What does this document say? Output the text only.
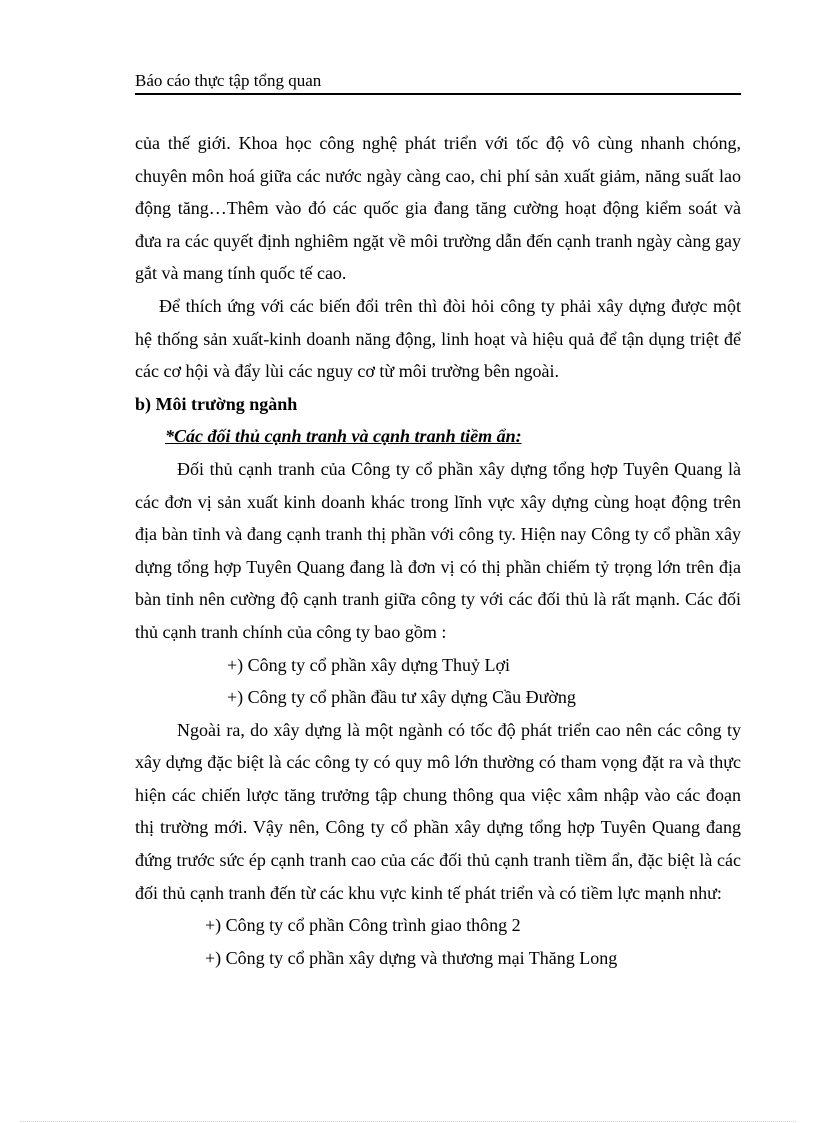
Báo cáo thực tập tổng quan

của thế giới. Khoa học công nghệ phát triển với tốc độ vô cùng nhanh chóng, chuyên môn hoá giữa các nước ngày càng cao, chi phí sản xuất giảm, năng suất lao động tăng…Thêm vào đó các quốc gia đang tăng cường hoạt động kiểm soát và đưa ra các quyết định nghiêm ngặt về môi trường dẫn đến cạnh tranh ngày càng gay gắt và mang tính quốc tế cao.

Để thích ứng với các biến đổi trên thì đòi hỏi công ty phải xây dựng được một hệ thống sản xuất-kinh doanh năng động, linh hoạt và hiệu quả để tận dụng triệt để các cơ hội và đẩy lùi các nguy cơ từ môi trường bên ngoài.

b) Môi trường ngành

*Các đối thủ cạnh tranh và cạnh tranh tiềm ẩn:

Đối thủ cạnh tranh của Công ty cổ phần xây dựng tổng hợp Tuyên Quang là các đơn vị sản xuất kinh doanh khác trong lĩnh vực xây dựng cùng hoạt động trên địa bàn tỉnh và đang cạnh tranh thị phần với công ty. Hiện nay Công ty cổ phần xây dựng tổng hợp Tuyên Quang đang là đơn vị có thị phần chiếm tỷ trọng lớn trên địa bàn tỉnh nên cường độ cạnh tranh giữa công ty với các đối thủ là rất mạnh. Các đối thủ cạnh tranh chính của công ty bao gồm :

+) Công ty cổ phần xây dựng Thuỷ Lợi

+) Công ty cổ phần đầu tư xây dựng Cầu Đường

Ngoài ra, do xây dựng là một ngành có tốc độ phát triển cao nên các công ty xây dựng đặc biệt là các công ty có quy mô lớn thường có tham vọng đặt ra và thực hiện các chiến lược tăng trưởng tập chung thông qua việc xâm nhập vào các đoạn thị trường mới. Vậy nên, Công ty cổ phần xây dựng tổng hợp Tuyên Quang đang đứng trước sức ép cạnh tranh cao của các đối thủ cạnh tranh tiềm ẩn, đặc biệt là các đối thủ cạnh tranh đến từ các khu vực kinh tế phát triển và có tiềm lực mạnh như:

+) Công ty cổ phần Công trình giao thông 2

+) Công ty cổ phần xây dựng và thương mại Thăng Long
